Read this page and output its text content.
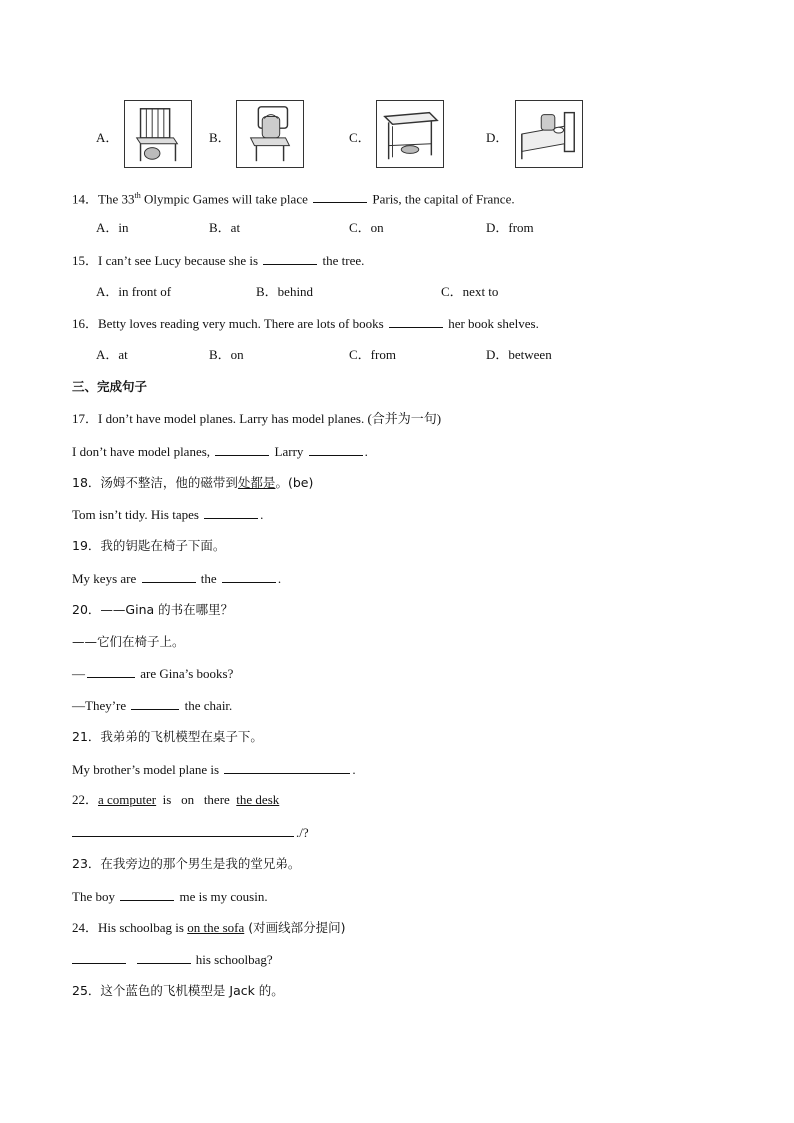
A．	B．	C．	D．
14．The 33th Olympic Games will take place	Paris, the capital of France.
A．in	B．at	C．on	D．from
15．I can’t see Lucy because she is	the tree.
A．in front of	B．behind	C．next to
16．Betty loves reading very much. There are lots of books	her book shelves.
A．at	B．on	C．from	D．between
三、完成句子
17．I don’t have model planes. Larry has model planes. (合并为一句)
I don’t have model planes,	Larry	.
18．汤姆不整洁，他的磁带到处都是。(be)
Tom isn’t tidy. His tapes	.
19．我的钥匙在椅子下面。
My keys are	the	.
20．——Gina 的书在哪里？
——它们在椅子上。
—	are Gina’s books?
—They’re	the chair.
21．我弟弟的飞机模型在桌子下。
My brother’s model plane is	.
22．a computer is on there the desk
./?
23．在我旁边的那个男生是我的堂兄弟。
The boy	me is my cousin.
24．His schoolbag is on the sofa (对画线部分提问)
his schoolbag?
25．这个蓝色的飞机模型是 Jack 的。
